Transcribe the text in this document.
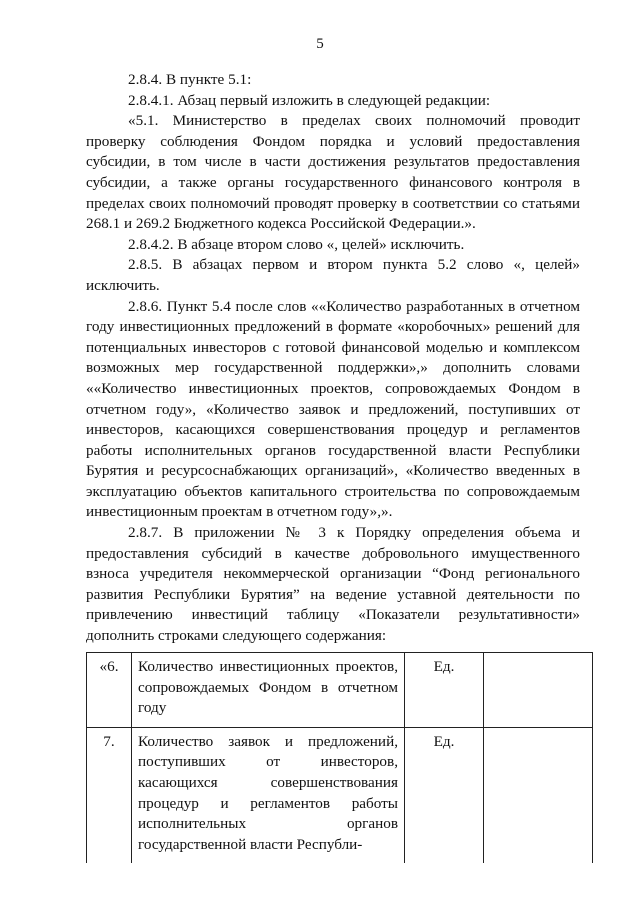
5

2.8.4. В пункте 5.1:

2.8.4.1. Абзац первый изложить в следующей редакции:

«5.1. Министерство в пределах своих полномочий проводит проверку соблюдения Фондом порядка и условий предоставления субсидии, в том числе в части достижения результатов предоставления субсидии, а также органы государственного финансового контроля в пределах своих полномочий проводят проверку в соответствии со статьями 268.1 и 269.2 Бюджетного кодекса Российской Федерации.».

2.8.4.2. В абзаце втором слово «, целей» исключить.

2.8.5. В абзацах первом и втором пункта 5.2 слово «, целей» исключить.

2.8.6. Пункт 5.4 после слов ««Количество разработанных в отчетном году инвестиционных предложений в формате «коробочных» решений для потенциальных инвесторов с готовой финансовой моделью и комплексом возможных мер государственной поддержки»,» дополнить словами ««Количество инвестиционных проектов, сопровождаемых Фондом в отчетном году», «Количество заявок и предложений, поступивших от инвесторов, касающихся совершенствования процедур и регламентов работы исполнительных органов государственной власти Республики Бурятия и ресурсоснабжающих организаций», «Количество введенных в эксплуатацию объектов капитального строительства по сопровождаемым инвестиционным проектам в отчетном году»,».

2.8.7. В приложении № 3 к Порядку определения объема и предоставления субсидий в качестве добровольного имущественного взноса учредителя некоммерческой организации “Фонд регионального развития Республики Бурятия” на ведение уставной деятельности по привлечению инвестиций таблицу «Показатели результативности» дополнить строками следующего содержания:

«6.	Количество инвестиционных проектов, сопровождаемых Фондом в отчетном году	Ед.	
7.	Количество заявок и предложений, поступивших от инвесторов, касающихся совершенствования процедур и регламентов работы исполнительных органов государственной власти Республи-	Ед.	
